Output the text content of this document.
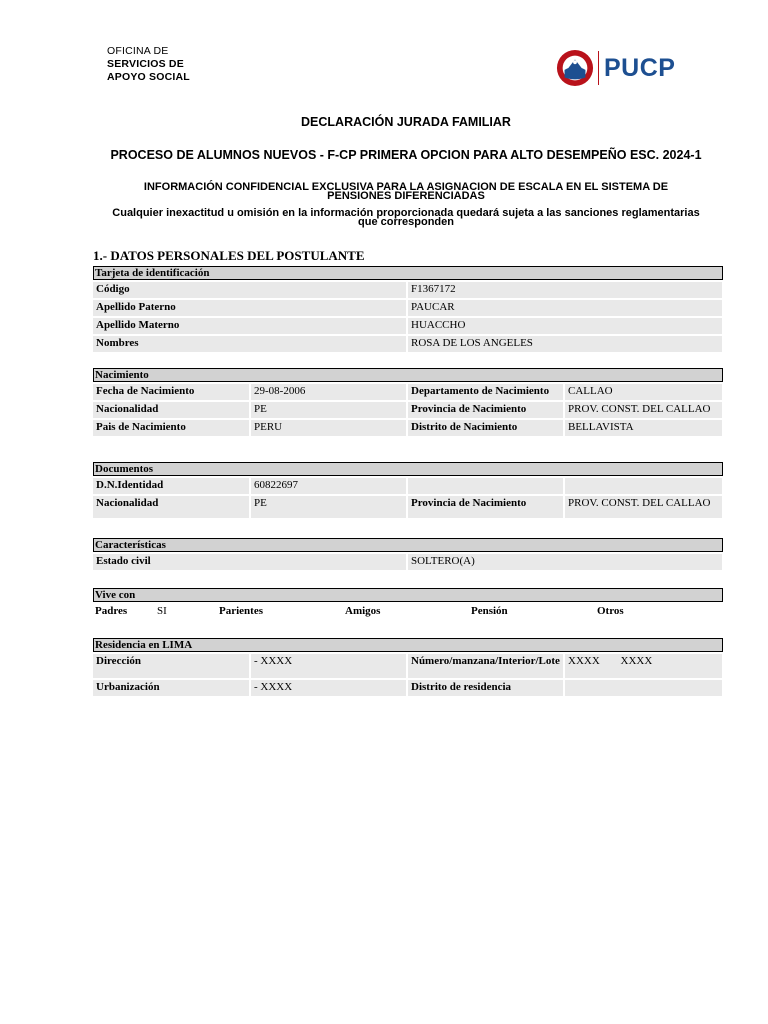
OFICINA DE
SERVICIOS DE
APOYO SOCIAL	PUCP
DECLARACIÓN JURADA FAMILIAR
PROCESO DE ALUMNOS NUEVOS - F-CP PRIMERA OPCION PARA ALTO DESEMPEÑO ESC. 2024-1
INFORMACIÓN CONFIDENCIAL EXCLUSIVA PARA LA ASIGNACION DE ESCALA EN EL SISTEMA DE
PENSIONES DIFERENCIADAS
Cualquier inexactitud u omisión en la información proporcionada quedará sujeta a las sanciones reglamentarias
que corresponden
1.- DATOS PERSONALES DEL POSTULANTE
Tarjeta de identificación
Código	F1367172
Apellido Paterno	PAUCAR
Apellido Materno	HUACCHO
Nombres	ROSA DE LOS ANGELES
Nacimiento
Fecha de Nacimiento	29-08-2006	Departamento de Nacimiento	CALLAO
Nacionalidad	PE	Provincia de Nacimiento	PROV. CONST. DEL CALLAO
Pais de Nacimiento	PERU	Distrito de Nacimiento	BELLAVISTA
Documentos
D.N.Identidad	60822697
Nacionalidad	PE	Provincia de Nacimiento	PROV. CONST. DEL CALLAO
Características
Estado civil	SOLTERO(A)
Vive con
Padres	SI	Parientes	Amigos	Pensión	Otros
Residencia en LIMA
Dirección	- XXXX	Número/manzana/Interior/Lote XXXX XXXX
Urbanización	- XXXX	Distrito de residencia
